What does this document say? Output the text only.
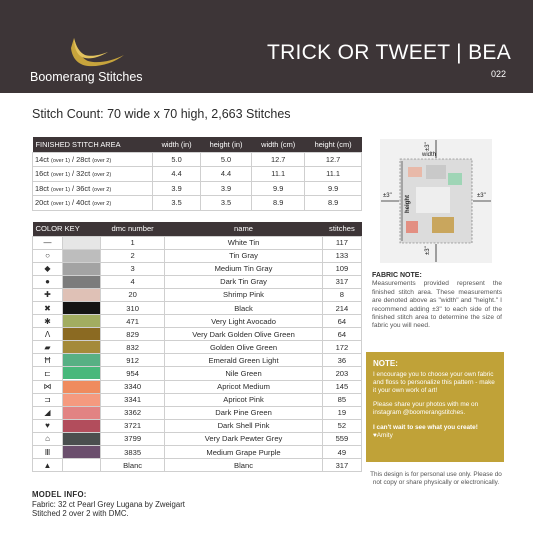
Boomerang Stitches
TRICK OR TWEET | BEA
022
Stitch Count: 70 wide x 70 high, 2,663 Stitches
FINISHED STITCH AREA	width (in)	height (in)	width (cm)	height (cm)
14ct (over 1) / 28ct (over 2)	5.0	5.0	12.7	12.7
16ct (over 1) / 32ct (over 2)	4.4	4.4	11.1	11.1
18ct (over 1) / 36ct (over 2)	3.9	3.9	9.9	9.9
20ct (over 1) / 40ct (over 2)	3.5	3.5	8.9	8.9
COLOR KEY		dmc number	name	stitches
—		1	White Tin	117
○		2	Tin Gray	133
◆		3	Medium Tin Gray	109
●		4	Dark Tin Gray	317
✚		20	Shrimp Pink	8
✖		310	Black	214
✱		471	Very Light Avocado	64
Λ		829	Very Dark Golden Olive Green	64
▰		832	Golden Olive Green	172
Ħ		912	Emerald Green Light	36
⊏		954	Nile Green	203
⋈		3340	Apricot Medium	145
⊐		3341	Apricot Pink	85
◢		3362	Dark Pine Green	19
♥		3721	Dark Shell Pink	52
⌂		3799	Very Dark Pewter Grey	559
Ⅲ		3835	Medium Grape Purple	49
▲		Blanc	Blanc	317
MODEL INFO:
Fabric: 32 ct Pearl Grey Lugana by Zweigart
Stitched 2 over 2 with DMC.
±3"
±3"
±3"	±3"
width
height
FABRIC NOTE:
Measurements provided represent the finished stitch area. These measurements are denoted above as "width" and "height." I recommend adding ±3" to each side of the finished stitch area to determine the size of fabric you will need.
NOTE:

I encourage you to choose your own fabric and floss to personalize this pattern - make it your own work of art!

Please share your photos with me on instagram @boomerangstitches.

I can't wait to see what you create!

♥Amity
This design is for personal use only. Please do not copy or share physically or electronically.
